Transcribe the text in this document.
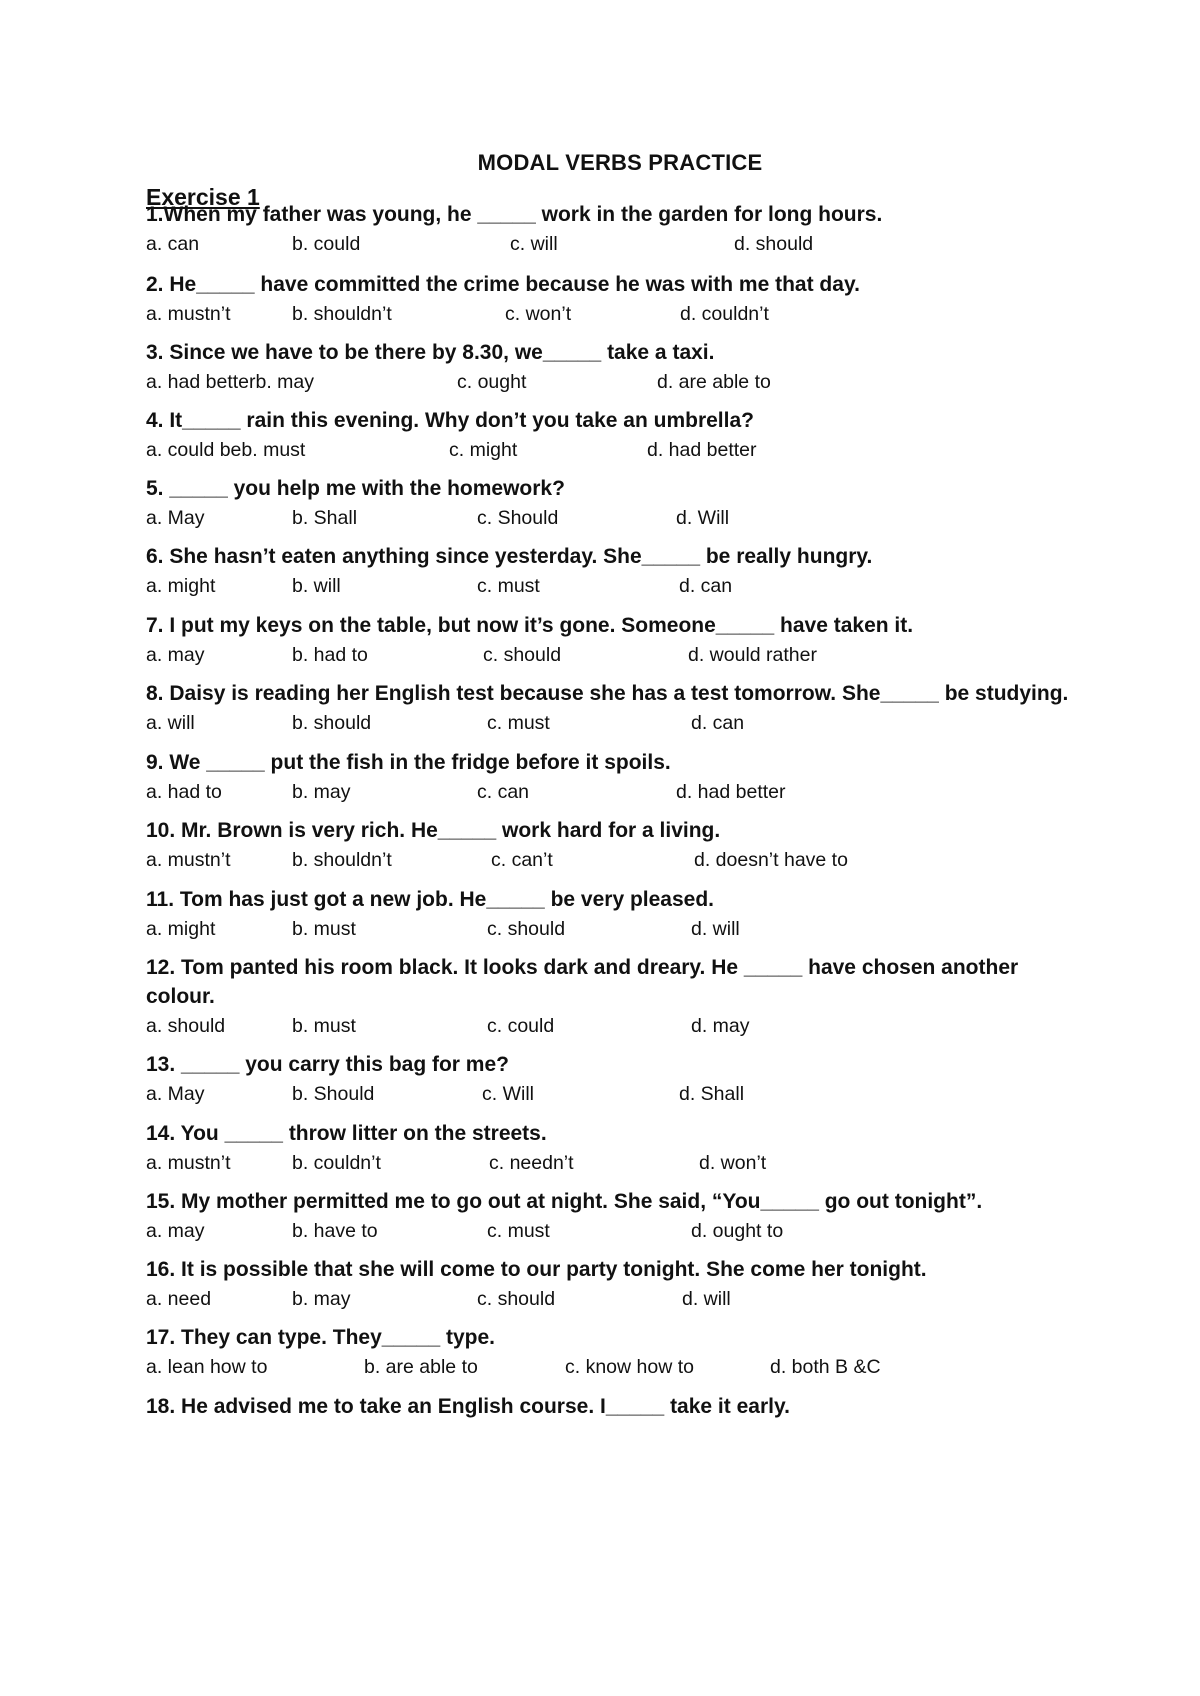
MODAL VERBS PRACTICE
Exercise 1
1.When my father was young, he _____ work in the garden for long hours.
a. can	b. could	c. will	d. should
2. He_____ have committed the crime because he was with me that day.
a. mustn’t	b. shouldn’t	c. won’t	d. couldn’t
3. Since we have to be there by 8.30, we_____ take a taxi.
a. had betterb. may	c. ought	d. are able to
4. It_____ rain this evening. Why don’t you take an umbrella?
a. could beb. must	c. might	d. had better
5. _____ you help me with the homework?
a. May	b. Shall	c. Should	d. Will
6. She hasn’t eaten anything since yesterday. She_____ be really hungry.
a. might	b. will	c. must	d. can
7. I put my keys on the table, but now it’s gone. Someone_____ have taken it.
a. may	b. had to	c. should	d. would rather
8. Daisy is reading her English test because she has a test tomorrow. She_____ be studying.
a. will	b. should	c. must	d. can
9. We _____ put the fish in the fridge before it spoils.
a. had to	b. may	c. can	d. had better
10. Mr. Brown is very rich. He_____ work hard for a living.
a. mustn’t	b. shouldn’t	c. can’t	d. doesn’t have to
11. Tom has just got a new job. He_____ be very pleased.
a. might	b. must	c. should	d. will
12. Tom panted his room black. It looks dark and dreary. He _____ have chosen another colour.
a. should	b. must	c. could	d. may
13. _____ you carry this bag for me?
a. May	b. Should	c. Will	d. Shall
14. You _____ throw litter on the streets.
a. mustn’t	b. couldn’t	c. needn’t	d. won’t
15. My mother permitted me to go out at night. She said, “You_____ go out tonight”.
a. may	b. have to	c. must	d. ought to
16. It is possible that she will come to our party tonight. She come her tonight.
a. need	b. may	c. should	d. will
17. They can type. They_____ type.
a. lean how to	b. are able to	c. know how to	d. both B &C
18. He advised me to take an English course. I_____ take it early.
